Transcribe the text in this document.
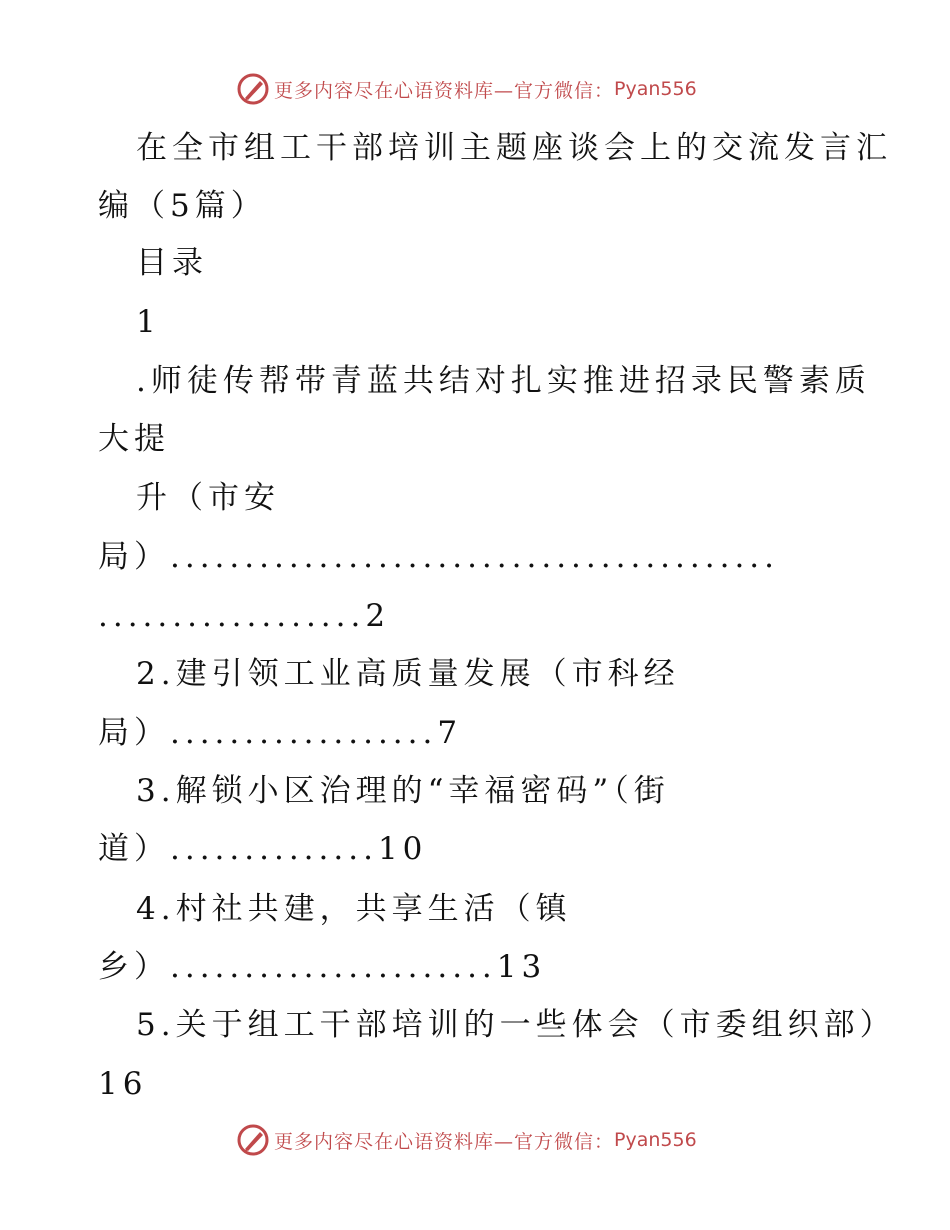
更多内容尽在心语资料库—官方微信： Pyan556
在全市组工干部培训主题座谈会上的交流发言汇
编（5篇）
目录
1
.师徒传帮带青蓝共结对扎实推进招录民警素质
大提
升（市安
局）.........................................
..................2
2.建引领工业高质量发展（市科经
局）..................7
3.解锁小区治理的“幸福密码”（街
道）..............10
4.村社共建，共享生活（镇
乡）......................13
5.关于组工干部培训的一些体会（市委组织部）
16
更多内容尽在心语资料库—官方微信： Pyan556
